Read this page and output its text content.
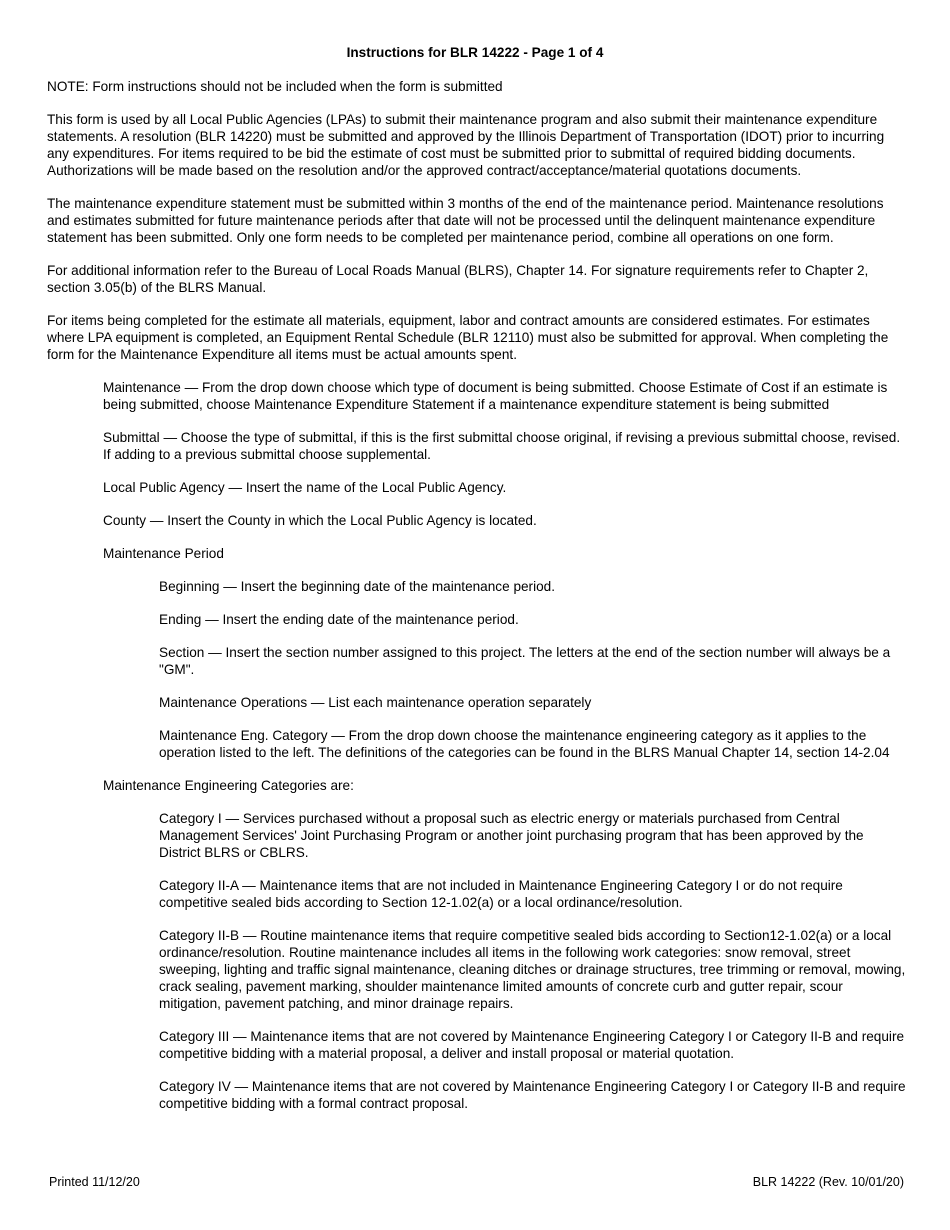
Instructions for BLR 14222 - Page 1 of 4

NOTE: Form instructions should not be included when the form is submitted

This form is used by all Local Public Agencies (LPAs) to submit their maintenance program and also submit their maintenance expenditure statements. A resolution (BLR 14220) must be submitted and approved by the Illinois Department of Transportation (IDOT) prior to incurring any expenditures. For items required to be bid the estimate of cost must be submitted prior to submittal of required bidding documents. Authorizations will be made based on the resolution and/or the approved contract/acceptance/material quotations documents.

The maintenance expenditure statement must be submitted within 3 months of the end of the maintenance period. Maintenance resolutions and estimates submitted for future maintenance periods after that date will not be processed until the delinquent maintenance expenditure statement has been submitted. Only one form needs to be completed per maintenance period, combine all operations on one form.

For additional information refer to the Bureau of Local Roads Manual (BLRS), Chapter 14. For signature requirements refer to Chapter 2, section 3.05(b) of the BLRS Manual.

For items being completed for the estimate all materials, equipment, labor and contract amounts are considered estimates. For estimates where LPA equipment is completed, an Equipment Rental Schedule (BLR 12110) must also be submitted for approval. When completing the form for the Maintenance Expenditure all items must be actual amounts spent.

Maintenance — From the drop down choose which type of document is being submitted. Choose Estimate of Cost if an estimate is being submitted, choose Maintenance Expenditure Statement if a maintenance expenditure statement is being submitted

Submittal — Choose the type of submittal, if this is the first submittal choose original, if revising a previous submittal choose, revised. If adding to a previous submittal choose supplemental.

Local Public Agency — Insert the name of the Local Public Agency.

County — Insert the County in which the Local Public Agency is located.

Maintenance Period

Beginning — Insert the beginning date of the maintenance period.

Ending — Insert the ending date of the maintenance period.

Section — Insert the section number assigned to this project. The letters at the end of the section number will always be a "GM".

Maintenance Operations — List each maintenance operation separately

Maintenance Eng. Category — From the drop down choose the maintenance engineering category as it applies to the operation listed to the left. The definitions of the categories can be found in the BLRS Manual Chapter 14, section 14-2.04

Maintenance Engineering Categories are:

Category I — Services purchased without a proposal such as electric energy or materials purchased from Central Management Services' Joint Purchasing Program or another joint purchasing program that has been approved by the District BLRS or CBLRS.

Category II-A — Maintenance items that are not included in Maintenance Engineering Category I or do not require competitive sealed bids according to Section 12-1.02(a) or a local ordinance/resolution.

Category II-B — Routine maintenance items that require competitive sealed bids according to Section12-1.02(a) or a local ordinance/resolution. Routine maintenance includes all items in the following work categories: snow removal, street sweeping, lighting and traffic signal maintenance, cleaning ditches or drainage structures, tree trimming or removal, mowing, crack sealing, pavement marking, shoulder maintenance limited amounts of concrete curb and gutter repair, scour mitigation, pavement patching, and minor drainage repairs.

Category III — Maintenance items that are not covered by Maintenance Engineering Category I or Category II-B and require competitive bidding with a material proposal, a deliver and install proposal or material quotation.

Category IV — Maintenance items that are not covered by Maintenance Engineering Category I or Category II-B and require competitive bidding with a formal contract proposal.

Printed 11/12/20	BLR 14222 (Rev. 10/01/20)
